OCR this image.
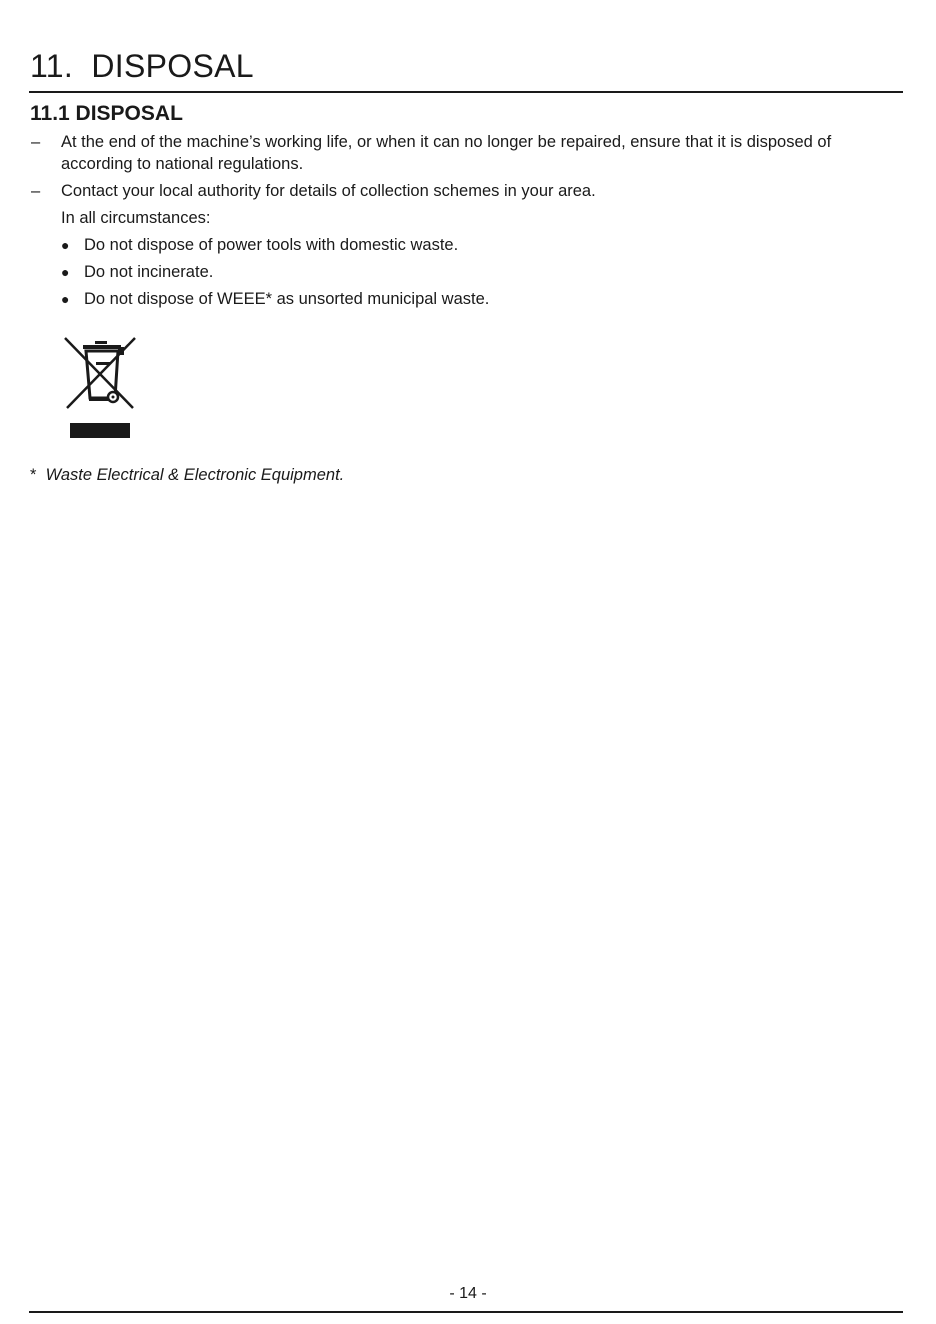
11.  DISPOSAL
11.1 DISPOSAL
– At the end of the machine’s working life, or when it can no longer be repaired, ensure that it is disposed of according to national regulations.
– Contact your local authority for details of collection schemes in your area.
In all circumstances:
● Do not dispose of power tools with domestic waste.
● Do not incinerate.
● Do not dispose of WEEE* as unsorted municipal waste.
* Waste Electrical & Electronic Equipment.
- 14 -
